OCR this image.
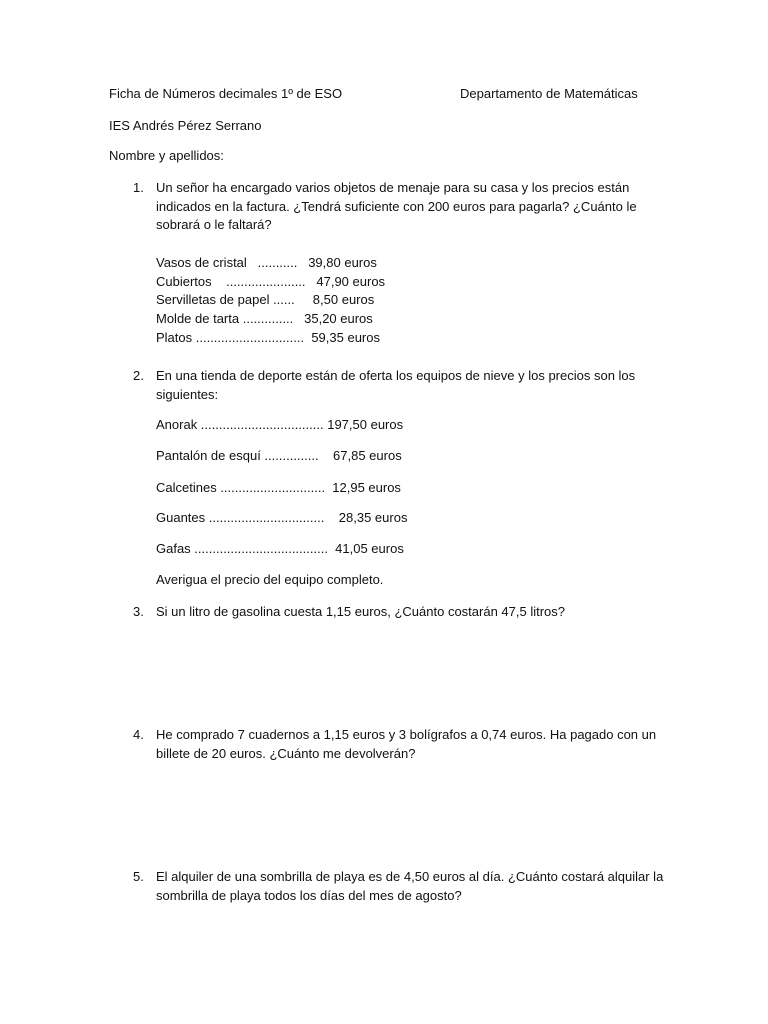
Ficha de Números decimales 1º de ESO	Departamento de Matemáticas
IES Andrés Pérez Serrano
Nombre y apellidos:
1. Un señor ha encargado varios objetos de menaje para su casa y los precios están
indicados en la factura. ¿Tendrá suficiente con 200 euros para pagarla? ¿Cuánto le
sobrará o le faltará?
Vasos de cristal   ...........   39,80 euros
Cubiertos    ......................   47,90 euros
Servilletas de papel ......     8,50 euros
Molde de tarta ..............   35,20 euros
Platos ..............................  59,35 euros
2. En una tienda de deporte están de oferta los equipos de nieve y los precios son los
siguientes:
Anorak .................................. 197,50 euros
Pantalón de esquí ...............    67,85 euros
Calcetines .............................  12,95 euros
Guantes ................................    28,35 euros
Gafas .....................................  41,05 euros
Averigua el precio del equipo completo.
3. Si un litro de gasolina cuesta 1,15 euros, ¿Cuánto costarán 47,5 litros?
4. He comprado 7 cuadernos a 1,15 euros y 3 bolígrafos a 0,74 euros. Ha pagado con un
billete de 20 euros. ¿Cuánto me devolverán?
5. El alquiler de una sombrilla de playa es de 4,50 euros al día. ¿Cuánto costará alquilar la
sombrilla de playa todos los días del mes de agosto?
